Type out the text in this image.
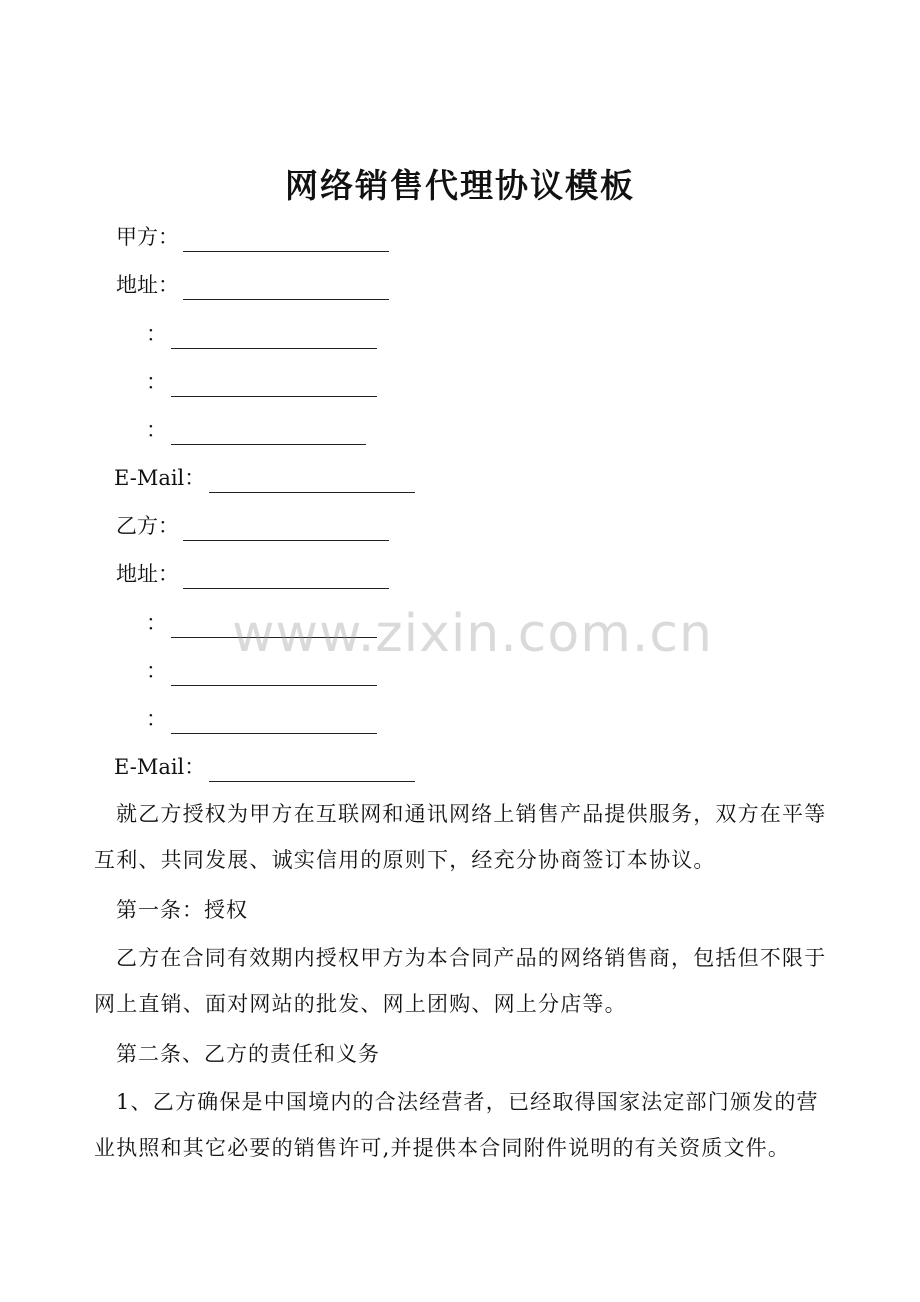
网络销售代理协议模板
甲方：
地址：
：
：
：
E-Mail：
乙方：
地址：
：
：
：
E-Mail：
就乙方授权为甲方在互联网和通讯网络上销售产品提供服务，双方在平等互利、共同发展、诚实信用的原则下，经充分协商签订本协议。
第一条：授权
乙方在合同有效期内授权甲方为本合同产品的网络销售商，包括但不限于网上直销、面对网站的批发、网上团购、网上分店等。
第二条、乙方的责任和义务
1、乙方确保是中国境内的合法经营者，已经取得国家法定部门颁发的营业执照和其它必要的销售许可,并提供本合同附件说明的有关资质文件。
www.zixin.com.cn
